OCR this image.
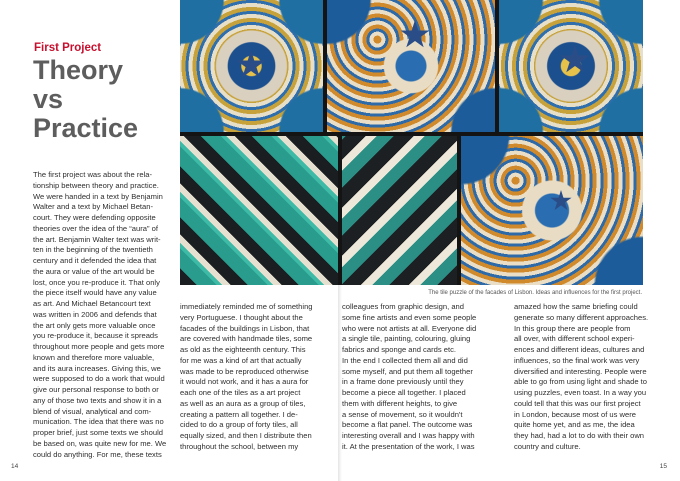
First Project
Theory
vs
Practice
The tile puzzle of the facades of Lisbon. Ideas and influences for the first project.
The first project was about the rela-
tionship between theory and practice.
We were handed in a text by Benjamin
Walter and a text by Michael Betan-
court. They were defending opposite
theories over the idea of the “aura” of
the art. Benjamin Walter text was writ-
ten in the beginning of the twentieth
century and it defended the idea that
the aura or value of the art would be
lost, once you re-produce it. That only
the piece itself would have any value
as art. And Michael Betancourt text
was written in 2006 and defends that
the art only gets more valuable once
you re-produce it, because it spreads
throughout more people and gets more
known and therefore more valuable,
and its aura increases. Giving this, we
were supposed to do a work that would
give our personal response to both or
any of those two texts and show it in a
blend of visual, analytical and com-
munication. The idea that there was no
proper brief, just some texts we should
be based on, was quite new for me. We
could do anything. For me, these texts
immediately reminded me of something
very Portuguese. I thought about the
facades of the buildings in Lisbon, that
are covered with handmade tiles, some
as old as the eighteenth century. This
for me was a kind of art that actually
was made to be reproduced otherwise
it would not work, and it has a aura for
each one of the tiles as a art project
as well as an aura as a group of tiles,
creating a pattern all together. I de-
cided to do a group of forty tiles, all
equally sized, and then I distribute then
throughout the school, between my
colleagues from graphic design, and
some fine artists and even some people
who were not artists at all. Everyone did
a single tile, painting, colouring, gluing
fabrics and sponge and cards etc.
In the end I collected them all and did
some myself, and put them all together
in a frame done previously until they
become a piece all together. I placed
them with different heights, to give
a sense of movement, so it wouldn't
become a flat panel. The outcome was
interesting overall and I was happy with
it. At the presentation of the work, I was
amazed how the same briefing could
generate so many different approaches.
In this group there are people from
all over, with different school experi-
ences and different ideas, cultures and
influences, so the final work was very
diversified and interesting. People were
able to go from using light and shade to
using puzzles, even toast. In a way you
could tell that this was our first project
in London, because most of us were
quite home yet, and as me, the idea
they had, had a lot to do with their own
country and culture.
14	15
